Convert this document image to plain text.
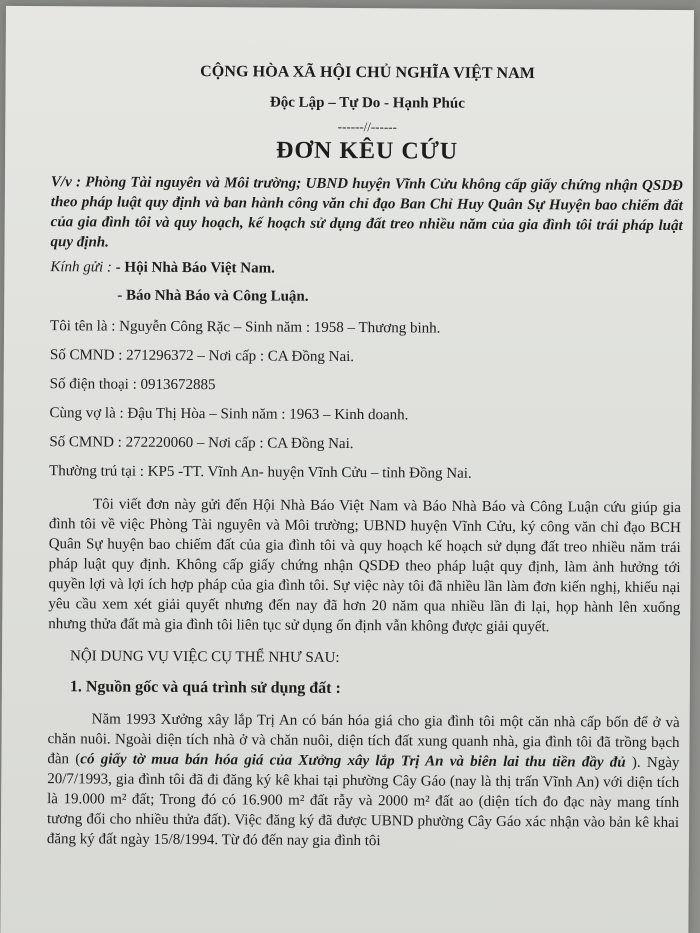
CỘNG HÒA XÃ HỘI CHỦ NGHĨA VIỆT NAM
Độc Lập – Tự Do - Hạnh Phúc
------//------
ĐƠN KÊU CỨU
V/v : Phòng Tài nguyên và Môi trường; UBND huyện Vĩnh Cửu không cấp giấy chứng nhận QSDĐ theo pháp luật quy định và ban hành công văn chỉ đạo Ban Chỉ Huy Quân Sự Huyện bao chiếm đất của gia đình tôi và quy hoạch, kế hoạch sử dụng đất treo nhiều năm của gia đình tôi trái pháp luật quy định.
Kính gửi : - Hội Nhà Báo Việt Nam.
- Báo Nhà Báo và Công Luận.
Tôi tên là : Nguyễn Công Rặc – Sinh năm : 1958 – Thương binh.
Số CMND : 271296372 – Nơi cấp : CA Đồng Nai.
Số điện thoại : 0913672885
Cùng vợ là : Đậu Thị Hòa – Sinh năm : 1963 – Kinh doanh.
Số CMND : 272220060 – Nơi cấp : CA Đồng Nai.
Thường trú tại : KP5 -TT. Vĩnh An- huyện Vĩnh Cửu – tỉnh Đồng Nai.
Tôi viết đơn này gửi đến Hội Nhà Báo Việt Nam và Báo Nhà Báo và Công Luận cứu giúp gia đình tôi về việc Phòng Tài nguyên và Môi trường; UBND huyện Vĩnh Cửu, ký công văn chỉ đạo BCH Quân Sự huyện bao chiếm đất của gia đình tôi và quy hoạch kế hoạch sử dụng đất treo nhiều năm trái pháp luật quy định. Không cấp giấy chứng nhận QSDĐ theo pháp luật quy định, làm ảnh hưởng tới quyền lợi và lợi ích hợp pháp của gia đình tôi. Sự việc này tôi đã nhiều lần làm đơn kiến nghị, khiếu nại yêu cầu xem xét giải quyết nhưng đến nay đã hơn 20 năm qua nhiều lần đi lại, họp hành lên xuống nhưng thửa đất mà gia đình tôi liên tục sử dụng ổn định vẫn không được giải quyết.
NỘI DUNG VỤ VIỆC CỤ THỂ NHƯ SAU:
1. Nguồn gốc và quá trình sử dụng đất :
Năm 1993 Xưởng xây lắp Trị An có bán hóa giá cho gia đình tôi một căn nhà cấp bốn để ở và chăn nuôi. Ngoài diện tích nhà ở và chăn nuôi, diện tích đất xung quanh nhà, gia đình tôi đã trồng bạch đàn (có giấy tờ mua bán hóa giá của Xưởng xây lắp Trị An và biên lai thu tiền đầy đủ ). Ngày 20/7/1993, gia đình tôi đã đi đăng ký kê khai tại phường Cây Gáo (nay là thị trấn Vĩnh An) với diện tích là 19.000 m² đất; Trong đó có 16.900 m² đất rẫy và 2000 m² đất ao (diện tích đo đạc này mang tính tương đối cho nhiều thửa đất). Việc đăng ký đã được UBND phường Cây Gáo xác nhận vào bản kê khai đăng ký đất ngày 15/8/1994. Từ đó đến nay gia đình tôi
